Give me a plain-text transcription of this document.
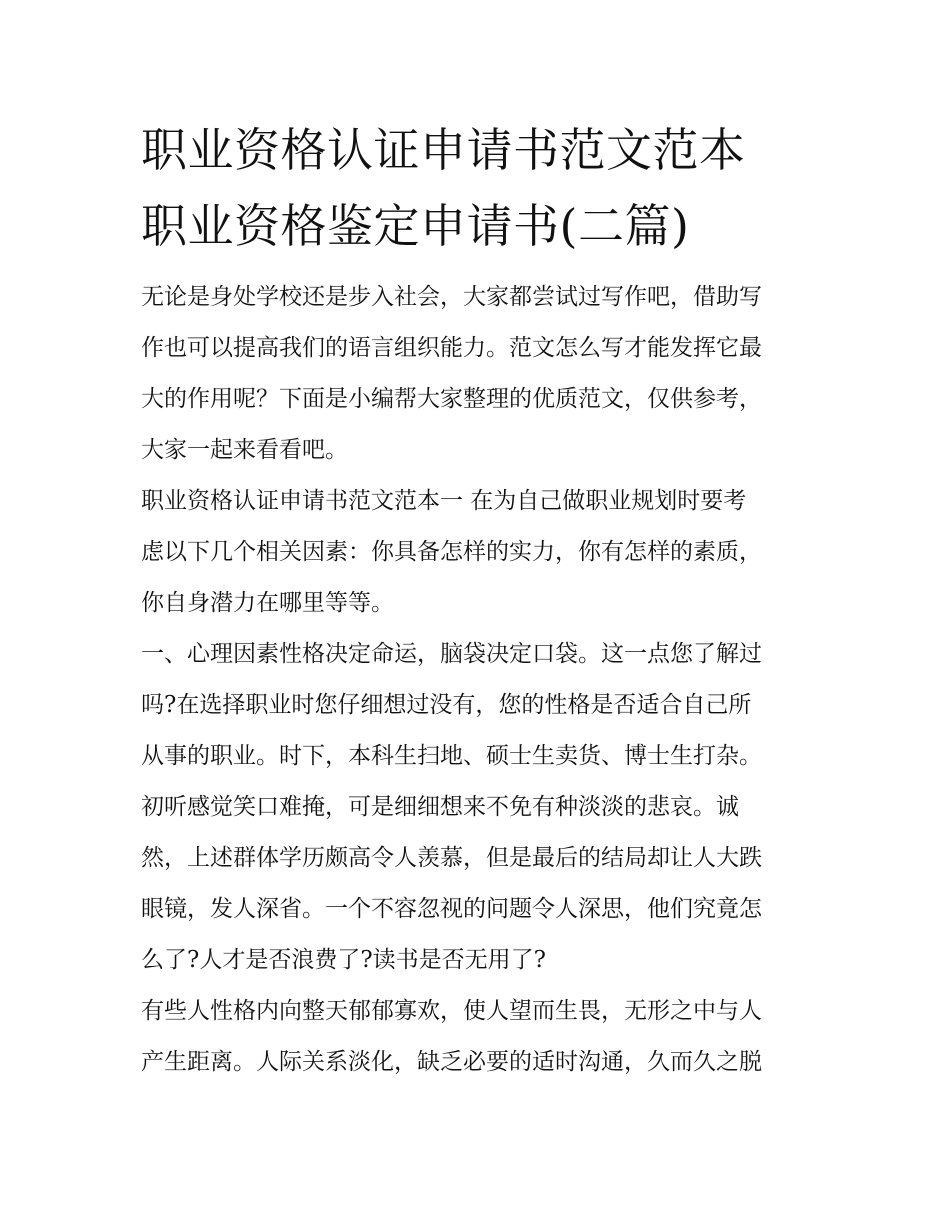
职业资格认证申请书范文范本
职业资格鉴定申请书(二篇)

无论是身处学校还是步入社会，大家都尝试过写作吧，借助写
作也可以提高我们的语言组织能力。范文怎么写才能发挥它最
大的作用呢？下面是小编帮大家整理的优质范文，仅供参考，
大家一起来看看吧。

职业资格认证申请书范文范本一 在为自己做职业规划时要考
虑以下几个相关因素：你具备怎样的实力，你有怎样的素质，
你自身潜力在哪里等等。

一、心理因素性格决定命运，脑袋决定口袋。这一点您了解过
吗?在选择职业时您仔细想过没有，您的性格是否适合自己所
从事的职业。时下，本科生扫地、硕士生卖货、博士生打杂。
初听感觉笑口难掩，可是细细想来不免有种淡淡的悲哀。诚
然，上述群体学历颇高令人羡慕，但是最后的结局却让人大跌
眼镜，发人深省。一个不容忽视的问题令人深思，他们究竟怎
么了?人才是否浪费了?读书是否无用了?

有些人性格内向整天郁郁寡欢，使人望而生畏，无形之中与人
产生距离。人际关系淡化，缺乏必要的适时沟通，久而久之脱
